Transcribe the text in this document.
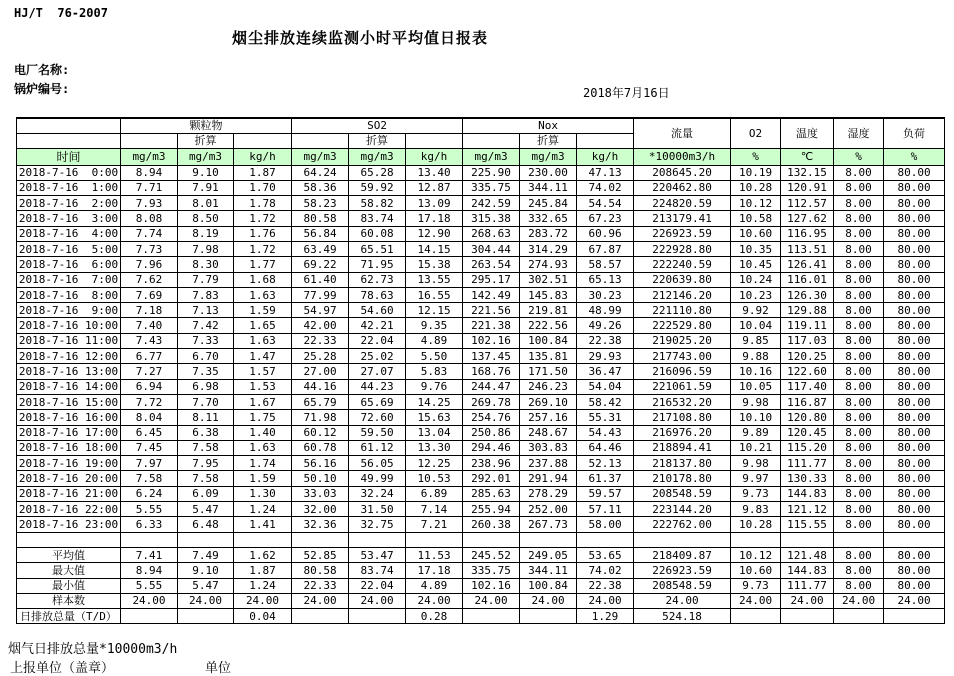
HJ/T  76-2007
烟尘排放连续监测小时平均值日报表
电厂名称:
锅炉编号:	2018年7月16日
	颗粒物			SO2			Nox			流量	O2	温度	湿度	负荷
		折算			折算			折算						
时间	mg/m3	mg/m3	kg/h	mg/m3	mg/m3	kg/h	mg/m3	mg/m3	kg/h	*10000m3/h	%	℃	%	%
2018-7-16  0:00	8.94	9.10	1.87	64.24	65.28	13.40	225.90	230.00	47.13	208645.20	10.19	132.15	8.00	80.00
2018-7-16  1:00	7.71	7.91	1.70	58.36	59.92	12.87	335.75	344.11	74.02	220462.80	10.28	120.91	8.00	80.00
2018-7-16  2:00	7.93	8.01	1.78	58.23	58.82	13.09	242.59	245.84	54.54	224820.59	10.12	112.57	8.00	80.00
2018-7-16  3:00	8.08	8.50	1.72	80.58	83.74	17.18	315.38	332.65	67.23	213179.41	10.58	127.62	8.00	80.00
2018-7-16  4:00	7.74	8.19	1.76	56.84	60.08	12.90	268.63	283.72	60.96	226923.59	10.60	116.95	8.00	80.00
2018-7-16  5:00	7.73	7.98	1.72	63.49	65.51	14.15	304.44	314.29	67.87	222928.80	10.35	113.51	8.00	80.00
2018-7-16  6:00	7.96	8.30	1.77	69.22	71.95	15.38	263.54	274.93	58.57	222240.59	10.45	126.41	8.00	80.00
2018-7-16  7:00	7.62	7.79	1.68	61.40	62.73	13.55	295.17	302.51	65.13	220639.80	10.24	116.01	8.00	80.00
2018-7-16  8:00	7.69	7.83	1.63	77.99	78.63	16.55	142.49	145.83	30.23	212146.20	10.23	126.30	8.00	80.00
2018-7-16  9:00	7.18	7.13	1.59	54.97	54.60	12.15	221.56	219.81	48.99	221110.80	9.92	129.88	8.00	80.00
2018-7-16 10:00	7.40	7.42	1.65	42.00	42.21	9.35	221.38	222.56	49.26	222529.80	10.04	119.11	8.00	80.00
2018-7-16 11:00	7.43	7.33	1.63	22.33	22.04	4.89	102.16	100.84	22.38	219025.20	9.85	117.03	8.00	80.00
2018-7-16 12:00	6.77	6.70	1.47	25.28	25.02	5.50	137.45	135.81	29.93	217743.00	9.88	120.25	8.00	80.00
2018-7-16 13:00	7.27	7.35	1.57	27.00	27.07	5.83	168.76	171.50	36.47	216096.59	10.16	122.60	8.00	80.00
2018-7-16 14:00	6.94	6.98	1.53	44.16	44.23	9.76	244.47	246.23	54.04	221061.59	10.05	117.40	8.00	80.00
2018-7-16 15:00	7.72	7.70	1.67	65.79	65.69	14.25	269.78	269.10	58.42	216532.20	9.98	116.87	8.00	80.00
2018-7-16 16:00	8.04	8.11	1.75	71.98	72.60	15.63	254.76	257.16	55.31	217108.80	10.10	120.80	8.00	80.00
2018-7-16 17:00	6.45	6.38	1.40	60.12	59.50	13.04	250.86	248.67	54.43	216976.20	9.89	120.45	8.00	80.00
2018-7-16 18:00	7.45	7.58	1.63	60.78	61.12	13.30	294.46	303.83	64.46	218894.41	10.21	115.20	8.00	80.00
2018-7-16 19:00	7.97	7.95	1.74	56.16	56.05	12.25	238.96	237.88	52.13	218137.80	9.98	111.77	8.00	80.00
2018-7-16 20:00	7.58	7.58	1.59	50.10	49.99	10.53	292.01	291.94	61.37	210178.80	9.97	130.33	8.00	80.00
2018-7-16 21:00	6.24	6.09	1.30	33.03	32.24	6.89	285.63	278.29	59.57	208548.59	9.73	144.83	8.00	80.00
2018-7-16 22:00	5.55	5.47	1.24	32.00	31.50	7.14	255.94	252.00	57.11	223144.20	9.83	121.12	8.00	80.00
2018-7-16 23:00	6.33	6.48	1.41	32.36	32.75	7.21	260.38	267.73	58.00	222762.00	10.28	115.55	8.00	80.00

平均值	7.41	7.49	1.62	52.85	53.47	11.53	245.52	249.05	53.65	218409.87	10.12	121.48	8.00	80.00
最大值	8.94	9.10	1.87	80.58	83.74	17.18	335.75	344.11	74.02	226923.59	10.60	144.83	8.00	80.00
最小值	5.55	5.47	1.24	22.33	22.04	4.89	102.16	100.84	22.38	208548.59	9.73	111.77	8.00	80.00
样本数	24.00	24.00	24.00	24.00	24.00	24.00	24.00	24.00	24.00	24.00	24.00	24.00	24.00	24.00
日排放总量（T/D）			0.04			0.28			1.29	524.18				
烟气日排放总量*10000m3/h
上报单位（盖章）	单位
